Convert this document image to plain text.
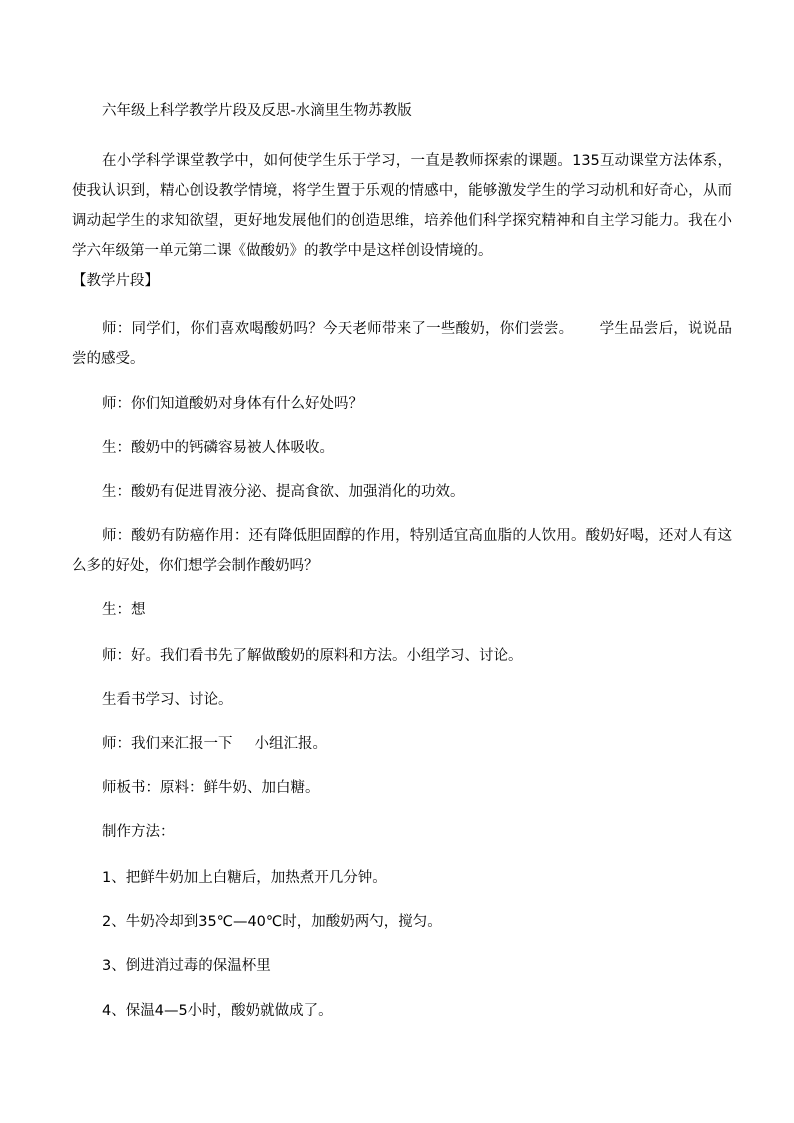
六年级上科学教学片段及反思-水滴里生物苏教版
在小学科学课堂教学中，如何使学生乐于学习，一直是教师探索的课题。135互动课堂方法体系，使我认识到，精心创设教学情境，将学生置于乐观的情感中，能够激发学生的学习动机和好奇心，从而调动起学生的求知欲望，更好地发展他们的创造思维，培养他们科学探究精神和自主学习能力。我在小学六年级第一单元第二课《做酸奶》的教学中是这样创设情境的。
【教学片段】
师：同学们，你们喜欢喝酸奶吗？今天老师带来了一些酸奶，你们尝尝。 学生品尝后，说说品尝的感受。
师：你们知道酸奶对身体有什么好处吗？
生：酸奶中的钙磷容易被人体吸收。
生：酸奶有促进胃液分泌、提高食欲、加强消化的功效。
师：酸奶有防癌作用：还有降低胆固醇的作用，特别适宜高血脂的人饮用。酸奶好喝，还对人有这么多的好处，你们想学会制作酸奶吗？
生：想
师：好。我们看书先了解做酸奶的原料和方法。小组学习、讨论。
生看书学习、讨论。
师：我们来汇报一下 小组汇报。
师板书：原料：鲜牛奶、加白糖。
制作方法：
1、把鲜牛奶加上白糖后，加热煮开几分钟。
2、牛奶冷却到35℃—40℃时，加酸奶两勺，搅匀。
3、倒进消过毒的保温杯里
4、保温4—5小时，酸奶就做成了。
